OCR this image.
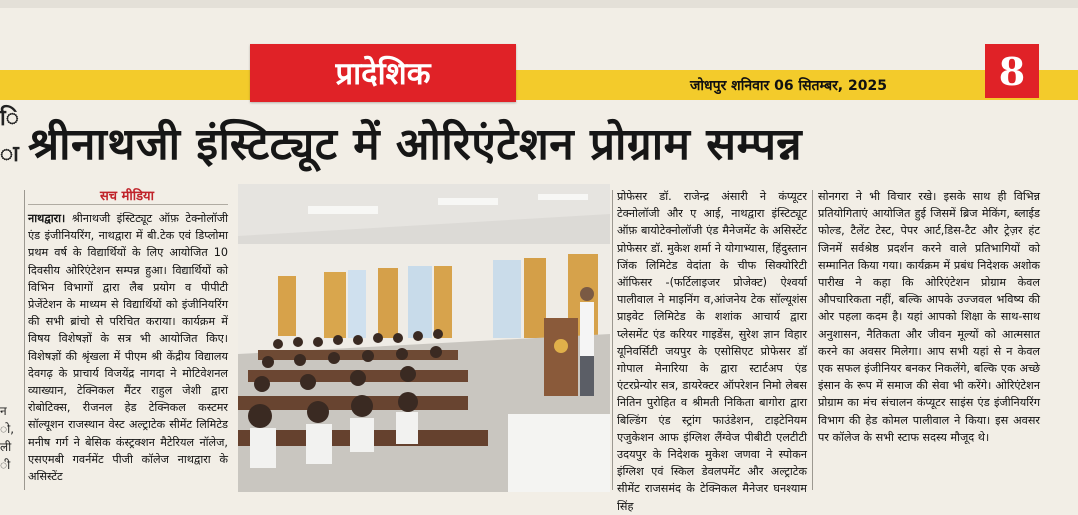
प्रादेशिक	जोधपुर शनिवार 06 सितम्बर, 2025	8
श्रीनाथजी इंस्टिट्यूट में ओरिएंटेशन प्रोग्राम सम्पन्न
ि
ा
न
ो,
ली
ी
सच मीडिया
नाथद्वारा। श्रीनाथजी इंस्टिट्यूट ऑफ़ टेक्नोलॉजी एंड इंजीनियरिंग, नाथद्वारा में बी.टेक एवं डिप्लोमा प्रथम वर्ष के विद्यार्थियों के लिए आयोजित 10 दिवसीय ओरिएंटेशन सम्पन्न हुआ। विद्यार्थियों को विभिन विभागों द्वारा लैब प्रयोग व पीपीटी प्रेजेंटेशन के माध्यम से विद्यार्थियों को इंजीनियरिंग की सभी ब्रांचो से परिचित कराया। कार्यक्रम में विषय विशेषज्ञों के सत्र भी आयोजित किए।विशेषज्ञों की श्रृंखला में पीएम श्री केंद्रीय विद्यालय देवगढ़ के प्राचार्य विजयेंद्र नागदा ने मोटिवेशनल व्याख्यान, टेक्निकल मैंटर राहुल जेशी द्वारा रोबोटिक्स, रीजनल हेड टेक्निकल कस्टमर सॉल्यूशन राजस्थान वेस्ट अल्ट्राटेक सीमेंट लिमिटेड मनीष गर्ग ने बेसिक कंस्ट्रक्शन मैटेरियल नॉलेज, एसएमबी गवर्नमेंट पीजी कॉलेज नाथद्वारा के असिस्टेंट
प्रोफेसर डॉ. राजेन्द्र अंसारी ने कंप्यूटर टेक्नोलॉजी और ए आई, नाथद्वारा इंस्टिट्यूट ऑफ़ बायोटेक्नोलॉजी एंड मैनेजमेंट के असिस्टेंट प्रोफेसर डॉ. मुकेश शर्मा ने योगाभ्यास, हिंदुस्तान जिंक लिमिटेड वेदांता के चीफ सिक्योरिटी ऑफिसर -(फर्टिलाइजर प्रोजेक्ट) ऐश्वर्या पालीवाल ने माइनिंग व,आंजनेय टेक सॉल्यूशंस प्राइवेट लिमिटेड के शशांक आचार्य द्वारा प्लेसमेंट एंड करियर गाइडेंस, सुरेश ज्ञान विहार यूनिवर्सिटी जयपुर के एसोसिएट प्रोफेसर डॉ गोपाल मेनारिया के द्वारा स्टार्टअप एंड एंटरप्रेन्योर सत्र, डायरेक्टर ऑपरेशन निमो लेबस नितिन पुरोहित व श्रीमती निकिता बागोरा द्वारा बिल्डिंग एंड स्ट्रांग फाउंडेशन, टाइटेनियम एजुकेशन आफ इंग्लिश लैंग्वेज पीबीटी एलटीटी उदयपुर के निदेशक मुकेश जणवा ने स्पोकन इंग्लिश एवं स्किल डेवलपमेंट और अल्ट्राटेक सीमेंट राजसमंद के टेक्निकल मैनेजर घनश्याम सिंह
सोनगरा ने भी विचार रखे। इसके साथ ही विभिन्न प्रतियोगिताएं आयोजित हुई जिसमें ब्रिज मेकिंग, ब्लाईड फोल्ड, टैलेंट टेस्ट, पेपर आर्ट,डिस-टैट और ट्रेज़र हंट जिनमें सर्वश्रेष्ठ प्रदर्शन करने वाले प्रतिभागियों को सम्मानित किया गया। कार्यक्रम में प्रबंध निदेशक अशोक पारीख ने कहा कि ओरिएंटेशन प्रोग्राम केवल औपचारिकता नहीं, बल्कि आपके उज्जवल भविष्य की ओर पहला कदम है। यहां आपको शिक्षा के साथ-साथ अनुशासन, नैतिकता और जीवन मूल्यों को आत्मसात करने का अवसर मिलेगा। आप सभी यहां से न केवल एक सफल इंजीनियर बनकर निकलेंगे, बल्कि एक अच्छे इंसान के रूप में समाज की सेवा भी करेंगे। ओरिएंटेशन प्रोग्राम का मंच संचालन कंप्यूटर साइंस एंड इंजीनियरिंग विभाग की हेड कोमल पालीवाल ने किया। इस अवसर पर कॉलेज के सभी स्टाफ सदस्य मौजूद थे।
